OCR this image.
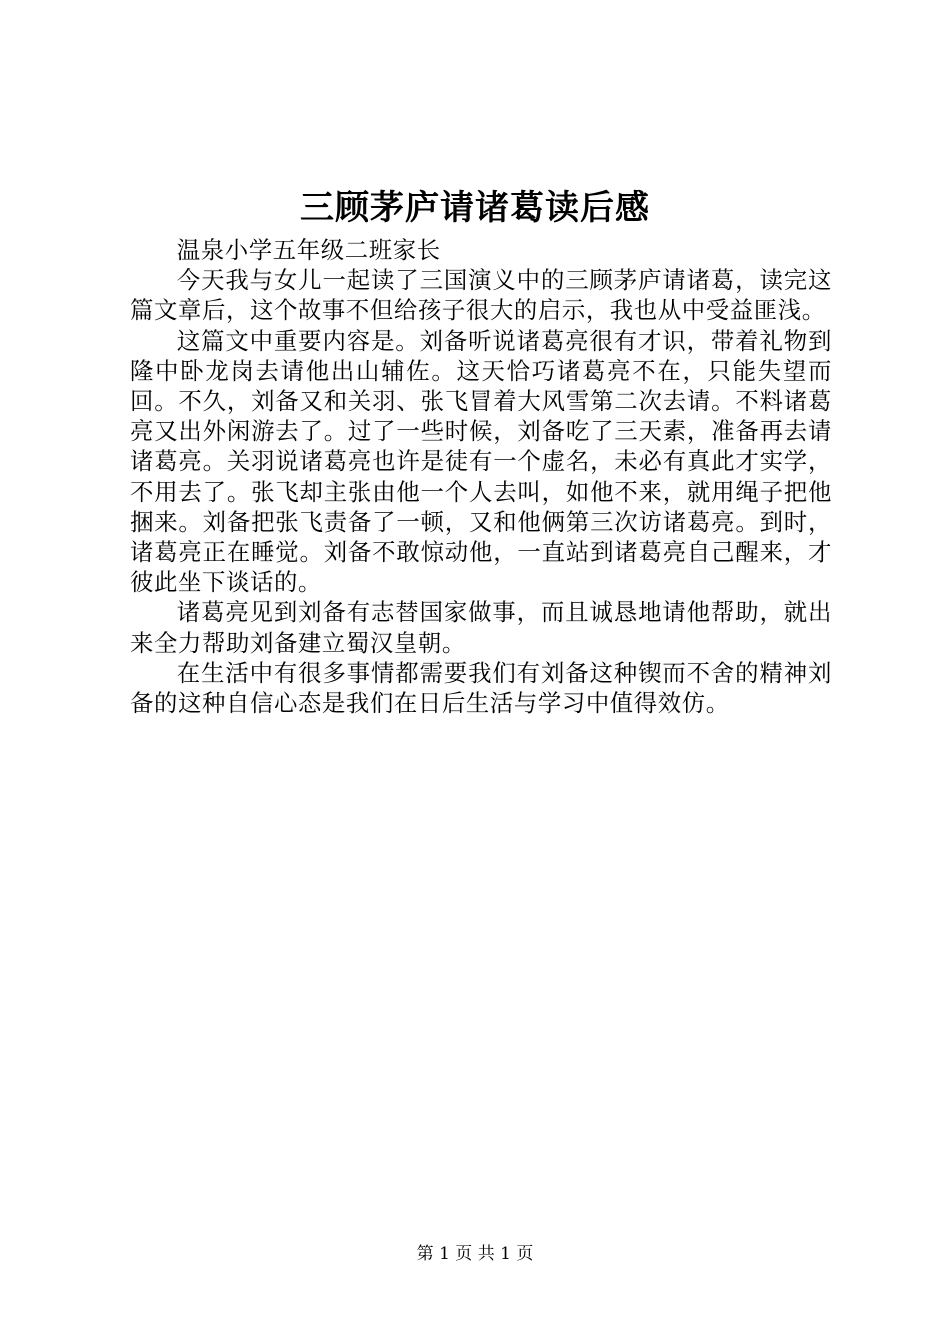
三顾茅庐请诸葛读后感

温泉小学五年级二班家长

今天我与女儿一起读了三国演义中的三顾茅庐请诸葛，读完这篇文章后，这个故事不但给孩子很大的启示，我也从中受益匪浅。

这篇文中重要内容是。刘备听说诸葛亮很有才识，带着礼物到隆中卧龙岗去请他出山辅佐。这天恰巧诸葛亮不在，只能失望而回。不久，刘备又和关羽、张飞冒着大风雪第二次去请。不料诸葛亮又出外闲游去了。过了一些时候，刘备吃了三天素，准备再去请诸葛亮。关羽说诸葛亮也许是徒有一个虚名，未必有真此才实学，不用去了。张飞却主张由他一个人去叫，如他不来，就用绳子把他捆来。刘备把张飞责备了一顿，又和他俩第三次访诸葛亮。到时，诸葛亮正在睡觉。刘备不敢惊动他，一直站到诸葛亮自己醒来，才彼此坐下谈话的。

诸葛亮见到刘备有志替国家做事，而且诚恳地请他帮助，就出来全力帮助刘备建立蜀汉皇朝。

在生活中有很多事情都需要我们有刘备这种锲而不舍的精神刘备的这种自信心态是我们在日后生活与学习中值得效仿。

第 1 页 共 1 页
